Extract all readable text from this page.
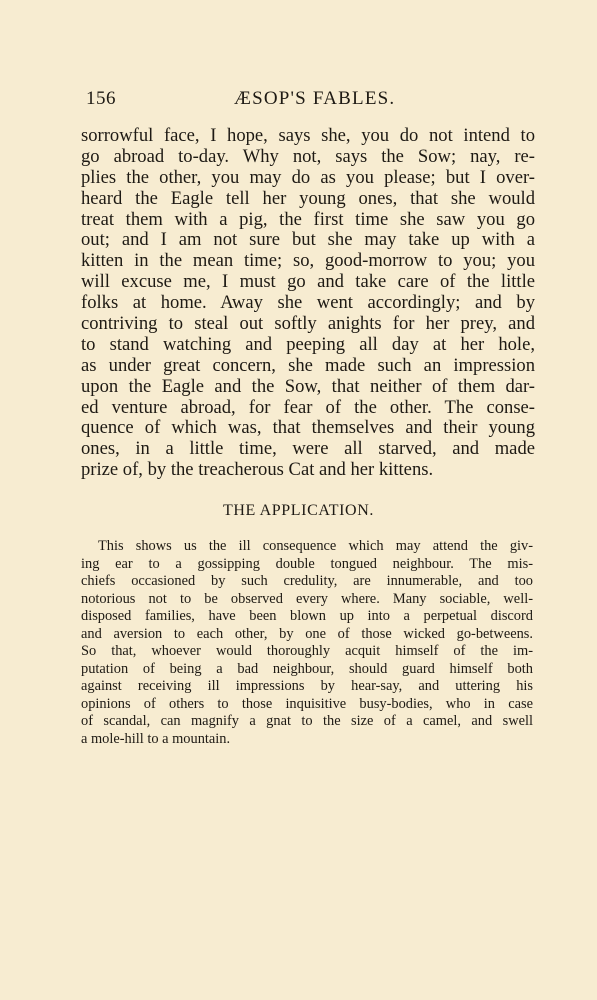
156	ÆSOP'S FABLES.
sorrowful face, I hope, says she, you do not intend to
go abroad to-day. Why not, says the Sow; nay, re-
plies the other, you may do as you please; but I over-
heard the Eagle tell her young ones, that she would
treat them with a pig, the first time she saw you go
out; and I am not sure but she may take up with a
kitten in the mean time; so, good-morrow to you; you
will excuse me, I must go and take care of the little
folks at home. Away she went accordingly; and by
contriving to steal out softly anights for her prey, and
to stand watching and peeping all day at her hole,
as under great concern, she made such an impression
upon the Eagle and the Sow, that neither of them dar-
ed venture abroad, for fear of the other. The conse-
quence of which was, that themselves and their young
ones, in a little time, were all starved, and made
prize of, by the treacherous Cat and her kittens.
THE APPLICATION.
This shows us the ill consequence which may attend the giv-
ing ear to a gossipping double tongued neighbour. The mis-
chiefs occasioned by such credulity, are innumerable, and too
notorious not to be observed every where. Many sociable, well-
disposed families, have been blown up into a perpetual discord
and aversion to each other, by one of those wicked go-betweens.
So that, whoever would thoroughly acquit himself of the im-
putation of being a bad neighbour, should guard himself both
against receiving ill impressions by hear-say, and uttering his
opinions of others to those inquisitive busy-bodies, who in case
of scandal, can magnify a gnat to the size of a camel, and swell
a mole-hill to a mountain.
